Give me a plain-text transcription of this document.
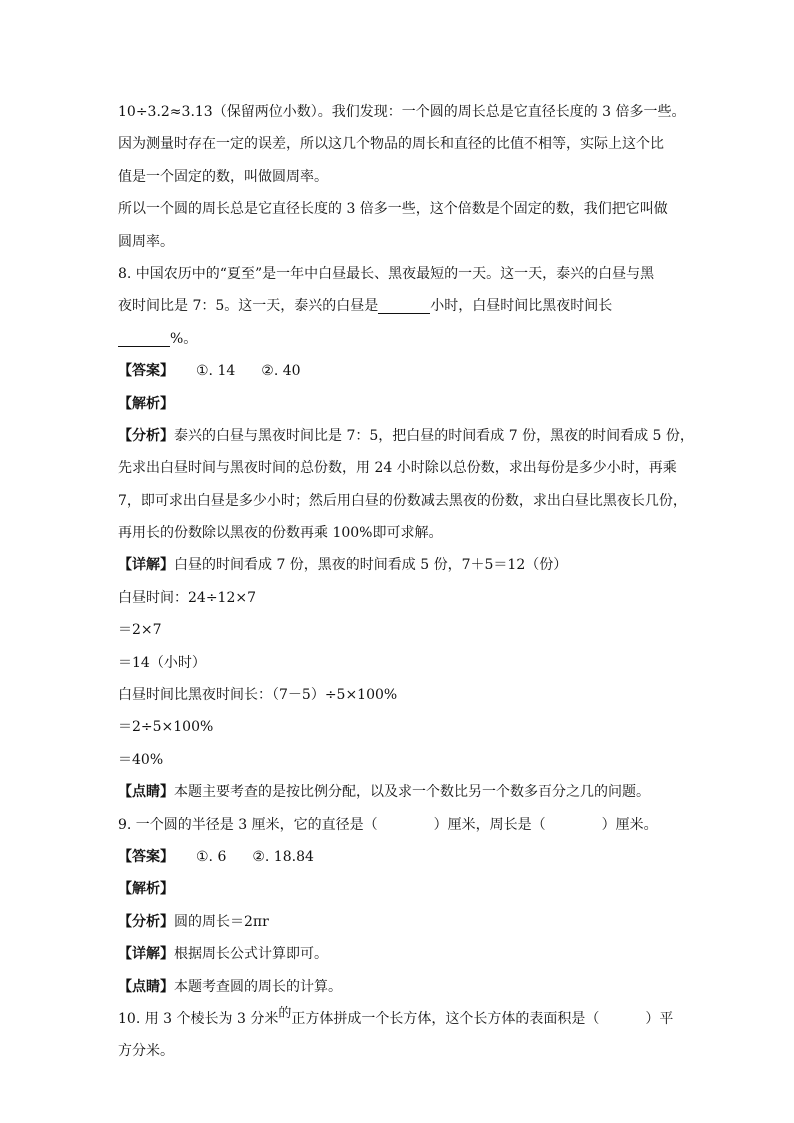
10÷3.2≈3.13（保留两位小数）。我们发现：一个圆的周长总是它直径长度的 3 倍多一些。
因为测量时存在一定的误差，所以这几个物品的周长和直径的比值不相等，实际上这个比
值是一个固定的数，叫做圆周率。
所以一个圆的周长总是它直径长度的 3 倍多一些，这个倍数是个固定的数，我们把它叫做
圆周率。
8. 中国农历中的“夏至”是一年中白昼最长、黑夜最短的一天。这一天，泰兴的白昼与黑
夜时间比是 7：5。这一天，泰兴的白昼是	小时，白昼时间比黑夜时间长
%。
【答案】 ①. 14 ②. 40
【解析】
【分析】泰兴的白昼与黑夜时间比是 7：5，把白昼的时间看成 7 份，黑夜的时间看成 5 份，
先求出白昼时间与黑夜时间的总份数，用 24 小时除以总份数，求出每份是多少小时，再乘
7，即可求出白昼是多少小时；然后用白昼的份数减去黑夜的份数，求出白昼比黑夜长几份，
再用长的份数除以黑夜的份数再乘 100%即可求解。
【详解】白昼的时间看成 7 份，黑夜的时间看成 5 份，7＋5＝12（份）
白昼时间：24÷12×7
＝2×7
＝14（小时）
白昼时间比黑夜时间长：（7－5）÷5×100%
＝2÷5×100%
＝40%
【点睛】本题主要考查的是按比例分配，以及求一个数比另一个数多百分之几的问题。
9. 一个圆的半径是 3 厘米，它的直径是（	）厘米，周长是（	）厘米。
【答案】 ①. 6 ②. 18.84
【解析】
【分析】圆的周长＝2πr
【详解】根据周长公式计算即可。
【点睛】本题考查圆的周长的计算。
10. 用 3 个棱长为 3 分米的正方体拼成一个长方体，这个长方体的表面积是（	）平
方分米。
